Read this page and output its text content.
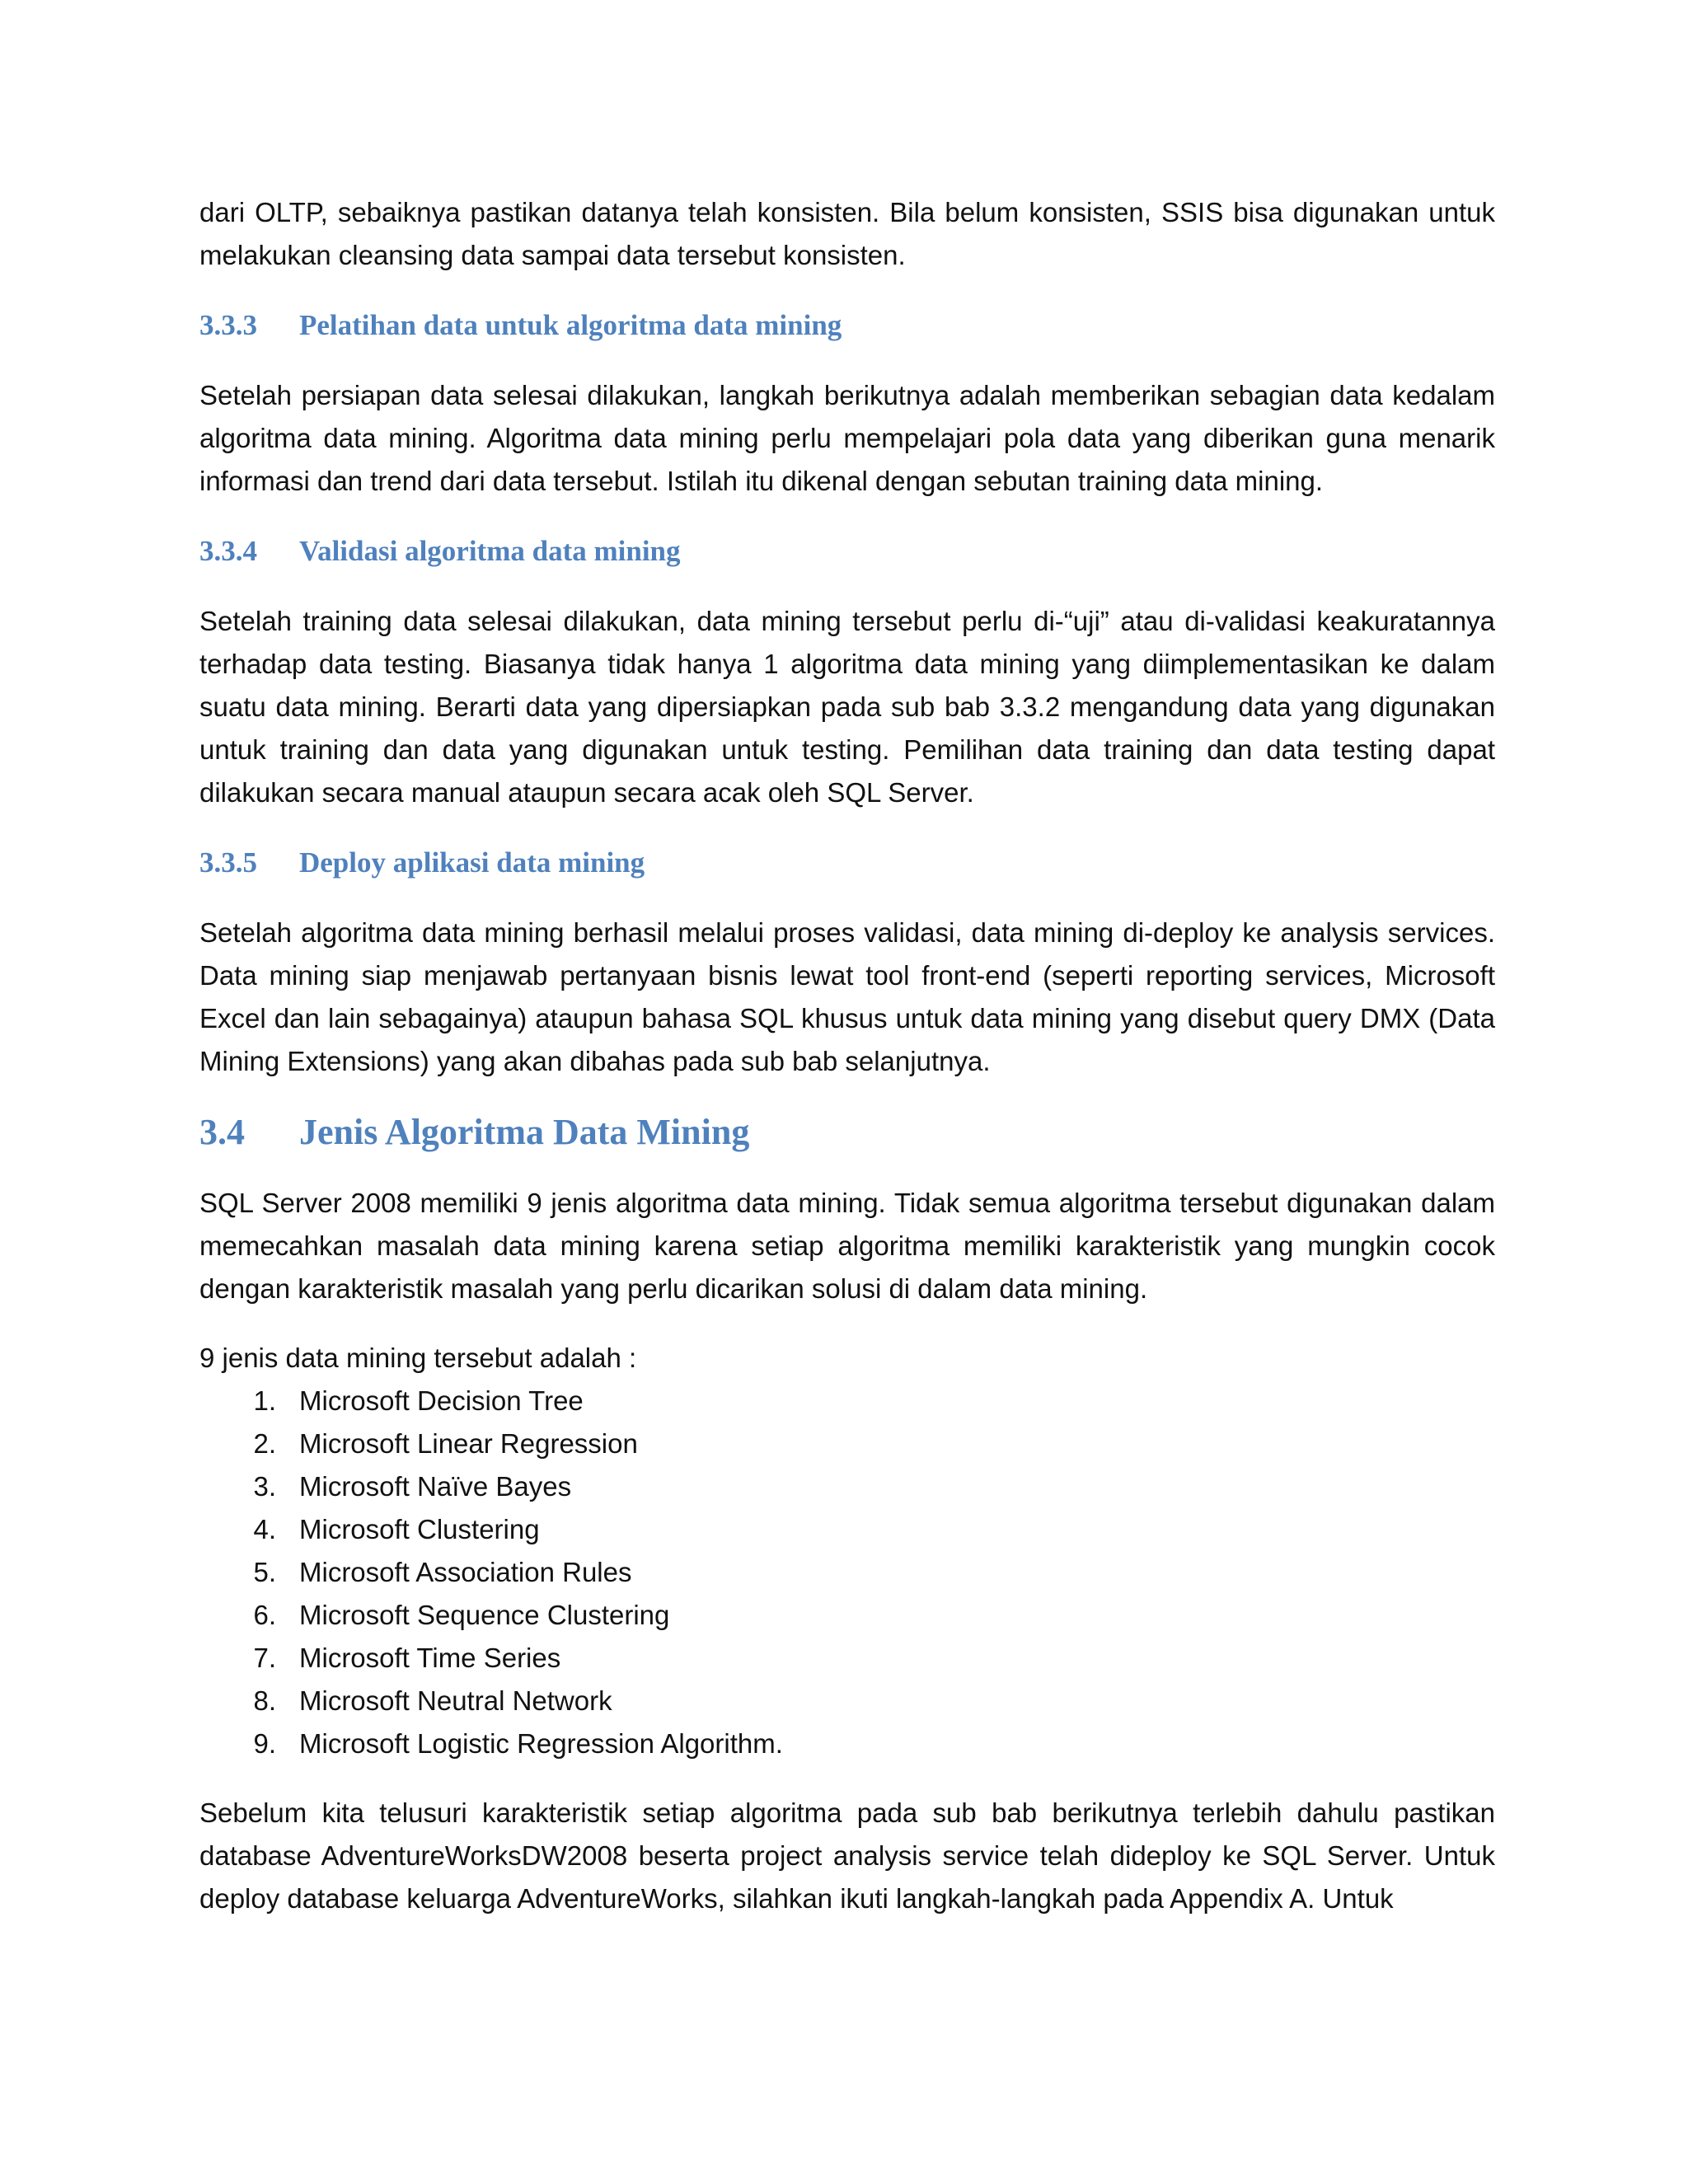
dari OLTP, sebaiknya pastikan datanya telah konsisten. Bila belum konsisten, SSIS bisa digunakan untuk melakukan cleansing data sampai data tersebut konsisten.

3.3.3	Pelatihan data untuk algoritma data mining

Setelah persiapan data selesai dilakukan, langkah berikutnya adalah memberikan sebagian data kedalam algoritma data mining. Algoritma data mining perlu mempelajari pola data yang diberikan guna menarik informasi dan trend dari data tersebut. Istilah itu dikenal dengan sebutan training data mining.

3.3.4	Validasi algoritma data mining

Setelah training data selesai dilakukan, data mining tersebut perlu di-“uji” atau di-validasi keakuratannya terhadap data testing. Biasanya tidak hanya 1 algoritma data mining yang diimplementasikan ke dalam suatu data mining. Berarti data yang dipersiapkan pada sub bab 3.3.2 mengandung data yang digunakan untuk training dan data yang digunakan untuk testing. Pemilihan data training dan data testing dapat dilakukan secara manual ataupun secara acak oleh SQL Server.

3.3.5	Deploy aplikasi data mining

Setelah algoritma data mining berhasil melalui proses validasi, data mining di-deploy ke analysis services. Data mining siap menjawab pertanyaan bisnis lewat tool front-end (seperti reporting services, Microsoft Excel dan lain sebagainya) ataupun bahasa SQL khusus untuk data mining yang disebut query DMX (Data Mining Extensions) yang akan dibahas pada sub bab selanjutnya.

3.4	Jenis Algoritma Data Mining

SQL Server 2008 memiliki 9 jenis algoritma data mining. Tidak semua algoritma tersebut digunakan dalam memecahkan masalah data mining karena setiap algoritma memiliki karakteristik yang mungkin cocok dengan karakteristik masalah yang perlu dicarikan solusi di dalam data mining.

9 jenis data mining tersebut adalah :

1. Microsoft Decision Tree
2. Microsoft Linear Regression
3. Microsoft Naïve Bayes
4. Microsoft Clustering
5. Microsoft Association Rules
6. Microsoft Sequence Clustering
7. Microsoft Time Series
8. Microsoft Neutral Network
9. Microsoft Logistic Regression Algorithm.

Sebelum kita telusuri karakteristik setiap algoritma pada sub bab berikutnya terlebih dahulu pastikan database AdventureWorksDW2008 beserta project analysis service telah dideploy ke SQL Server. Untuk deploy database keluarga AdventureWorks, silahkan ikuti langkah-langkah pada Appendix A. Untuk
